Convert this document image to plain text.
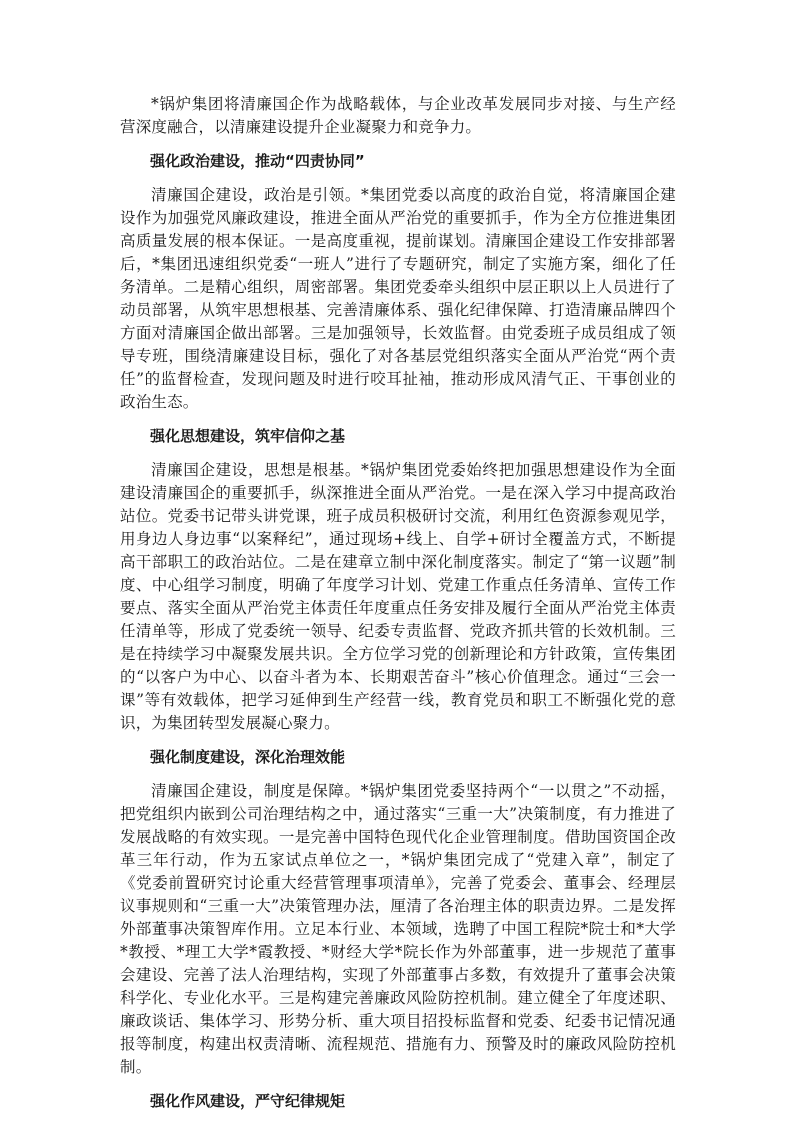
*锅炉集团将清廉国企作为战略载体，与企业改革发展同步对接、与生产经营深度融合，以清廉建设提升企业凝聚力和竞争力。

强化政治建设，推动“四责协同”

清廉国企建设，政治是引领。*集团党委以高度的政治自觉，将清廉国企建设作为加强党风廉政建设，推进全面从严治党的重要抓手，作为全方位推进集团高质量发展的根本保证。一是高度重视，提前谋划。清廉国企建设工作安排部署后，*集团迅速组织党委“一班人”进行了专题研究，制定了实施方案，细化了任务清单。二是精心组织，周密部署。集团党委牵头组织中层正职以上人员进行了动员部署，从筑牢思想根基、完善清廉体系、强化纪律保障、打造清廉品牌四个方面对清廉国企做出部署。三是加强领导，长效监督。由党委班子成员组成了领导专班，围绕清廉建设目标，强化了对各基层党组织落实全面从严治党“两个责任”的监督检查，发现问题及时进行咬耳扯袖，推动形成风清气正、干事创业的政治生态。

强化思想建设，筑牢信仰之基

清廉国企建设，思想是根基。*锅炉集团党委始终把加强思想建设作为全面建设清廉国企的重要抓手，纵深推进全面从严治党。一是在深入学习中提高政治站位。党委书记带头讲党课，班子成员积极研讨交流，利用红色资源参观见学，用身边人身边事“以案释纪”，通过现场+线上、自学+研讨全覆盖方式，不断提高干部职工的政治站位。二是在建章立制中深化制度落实。制定了“第一议题”制度、中心组学习制度，明确了年度学习计划、党建工作重点任务清单、宣传工作要点、落实全面从严治党主体责任年度重点任务安排及履行全面从严治党主体责任清单等，形成了党委统一领导、纪委专责监督、党政齐抓共管的长效机制。三是在持续学习中凝聚发展共识。全方位学习党的创新理论和方针政策，宣传集团的“以客户为中心、以奋斗者为本、长期艰苦奋斗”核心价值理念。通过“三会一课”等有效载体，把学习延伸到生产经营一线，教育党员和职工不断强化党的意识，为集团转型发展凝心聚力。

强化制度建设，深化治理效能

清廉国企建设，制度是保障。*锅炉集团党委坚持两个“一以贯之”不动摇，把党组织内嵌到公司治理结构之中，通过落实“三重一大”决策制度，有力推进了发展战略的有效实现。一是完善中国特色现代化企业管理制度。借助国资国企改革三年行动，作为五家试点单位之一，*锅炉集团完成了“党建入章”，制定了《党委前置研究讨论重大经营管理事项清单》，完善了党委会、董事会、经理层议事规则和“三重一大”决策管理办法，厘清了各治理主体的职责边界。二是发挥外部董事决策智库作用。立足本行业、本领域，选聘了中国工程院*院士和*大学*教授、*理工大学*霞教授、*财经大学*院长作为外部董事，进一步规范了董事会建设、完善了法人治理结构，实现了外部董事占多数，有效提升了董事会决策科学化、专业化水平。三是构建完善廉政风险防控机制。建立健全了年度述职、廉政谈话、集体学习、形势分析、重大项目招投标监督和党委、纪委书记情况通报等制度，构建出权责清晰、流程规范、措施有力、预警及时的廉政风险防控机制。

强化作风建设，严守纪律规矩
